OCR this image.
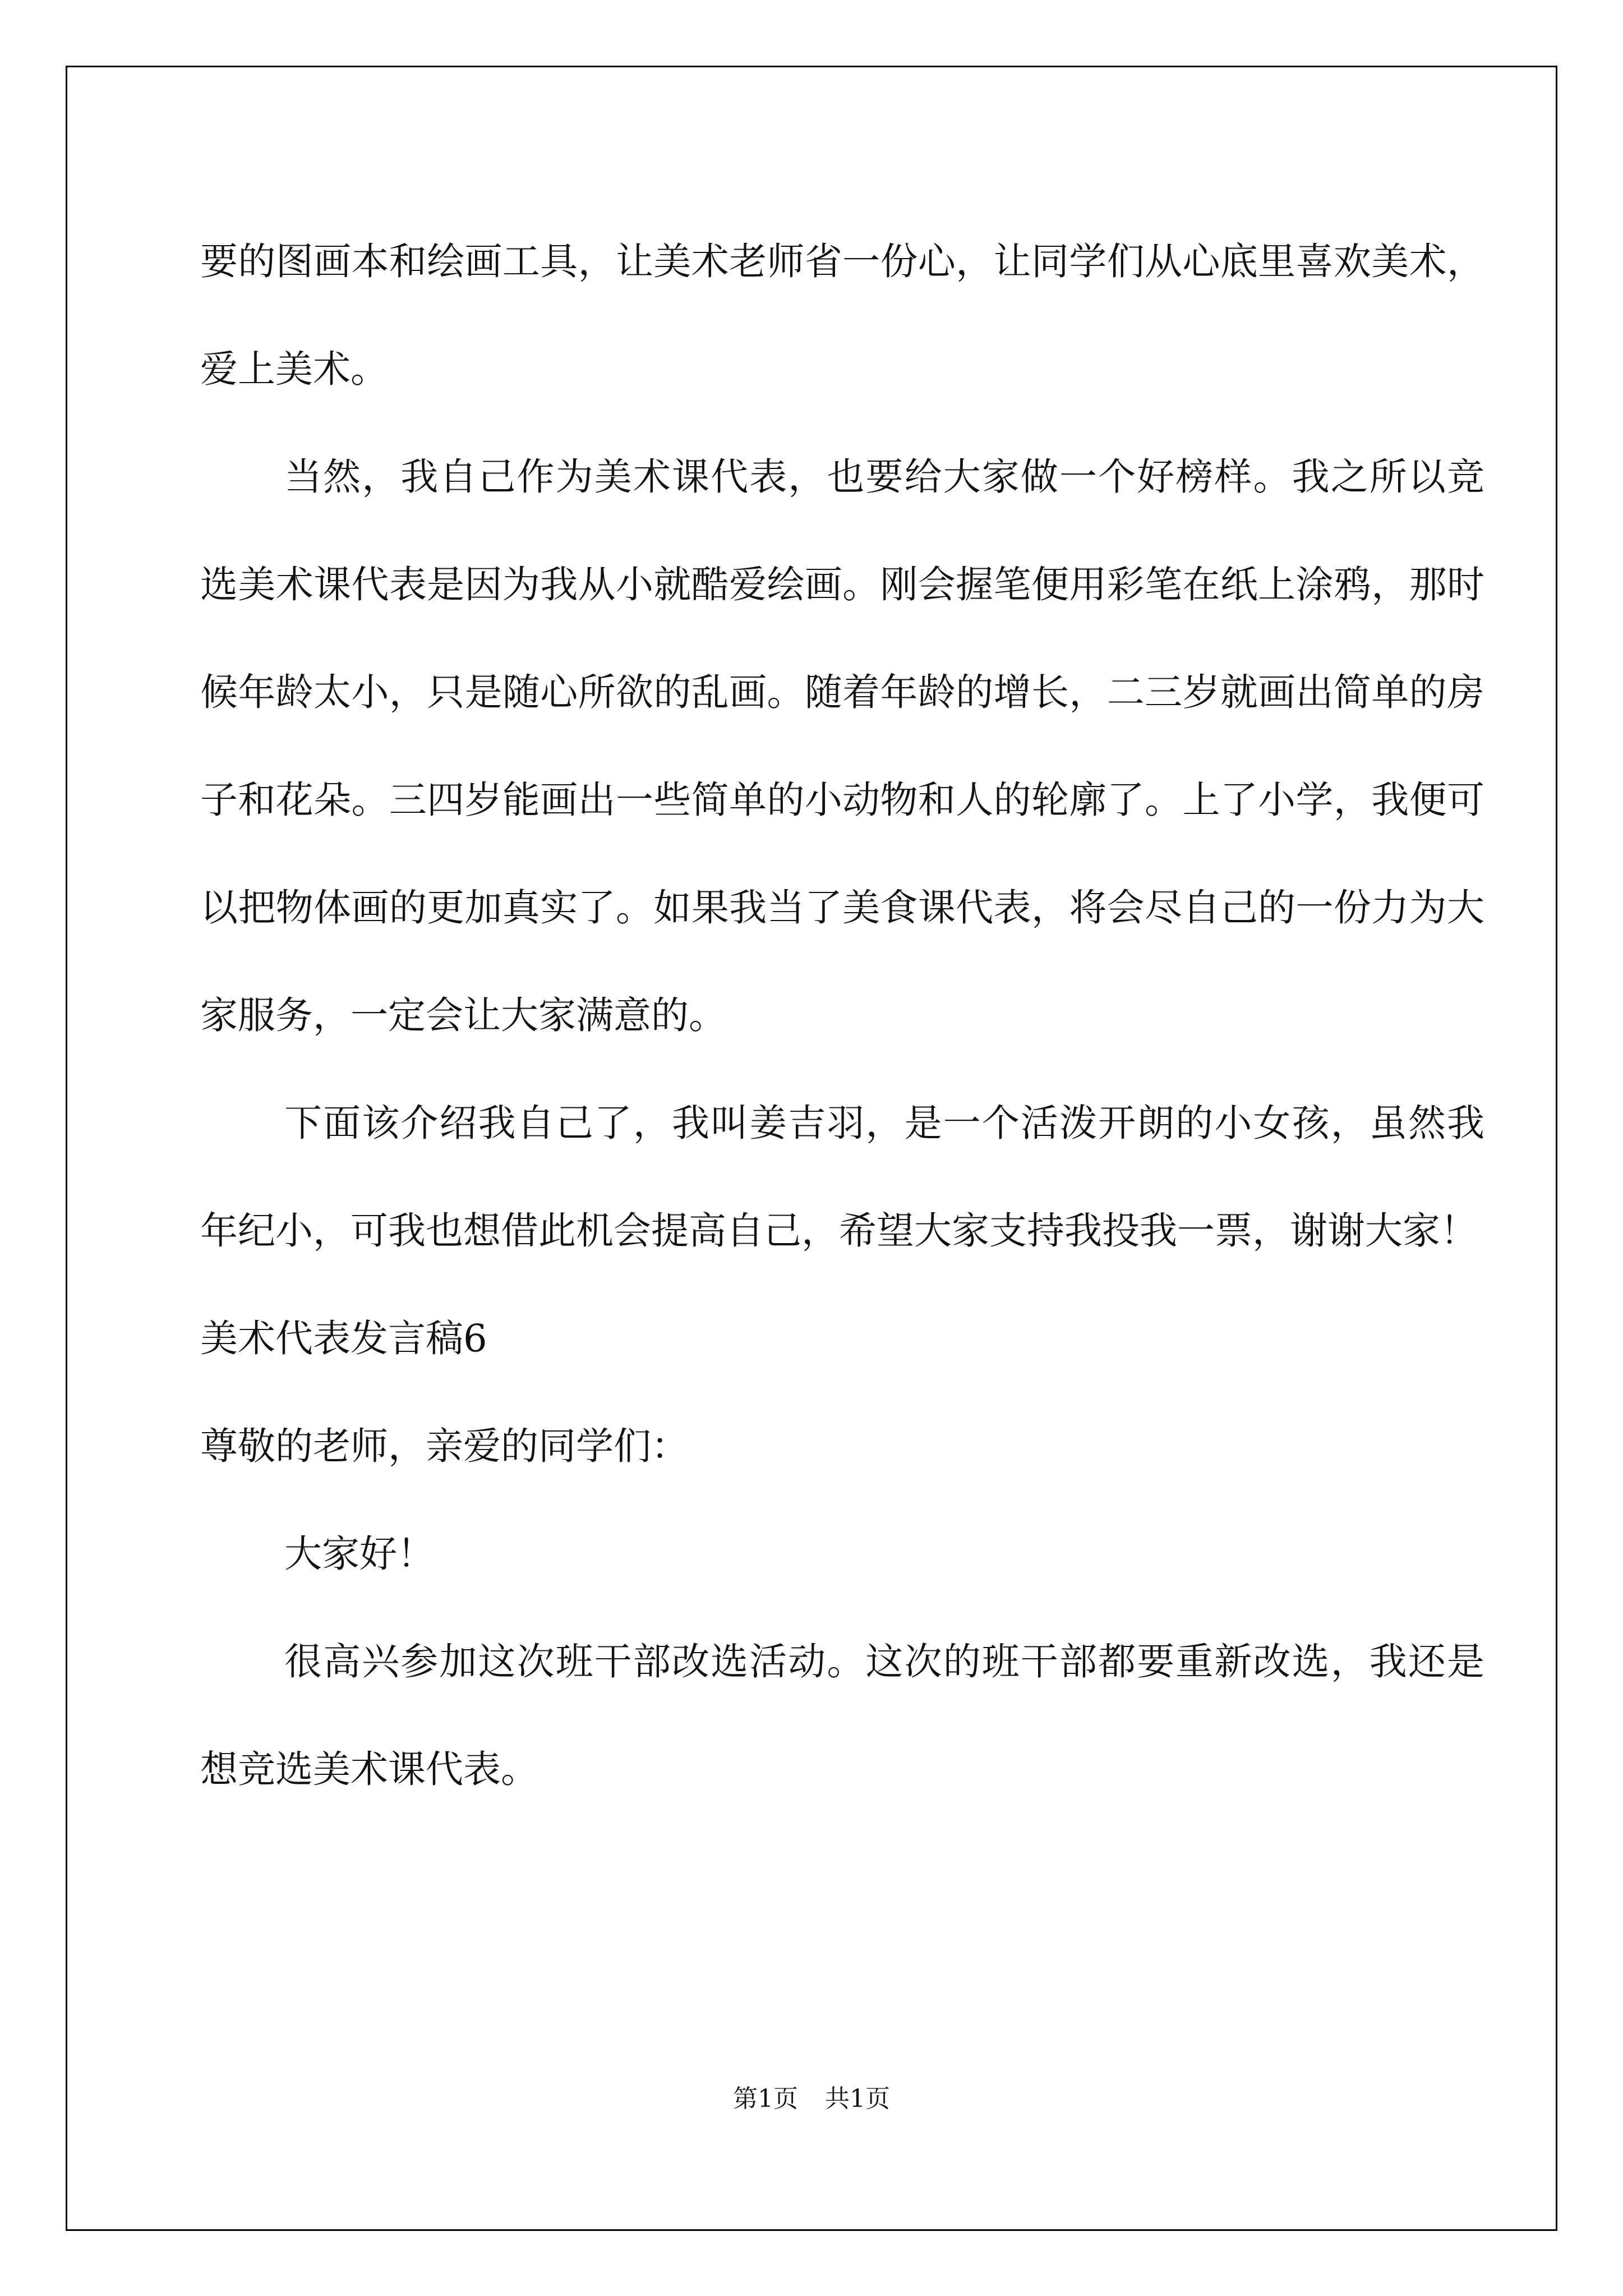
要的图画本和绘画工具，让美术老师省一份心，让同学们从心底里喜欢美术，爱上美术。

当然，我自己作为美术课代表，也要给大家做一个好榜样。我之所以竞选美术课代表是因为我从小就酷爱绘画。刚会握笔便用彩笔在纸上涂鸦，那时候年龄太小，只是随心所欲的乱画。随着年龄的增长，二三岁就画出简单的房子和花朵。三四岁能画出一些简单的小动物和人的轮廓了。上了小学，我便可以把物体画的更加真实了。如果我当了美食课代表，将会尽自己的一份力为大家服务，一定会让大家满意的。

下面该介绍我自己了，我叫姜吉羽，是一个活泼开朗的小女孩，虽然我年纪小，可我也想借此机会提高自己，希望大家支持我投我一票，谢谢大家！

美术代表发言稿6

尊敬的老师，亲爱的同学们：

大家好！

很高兴参加这次班干部改选活动。这次的班干部都要重新改选，我还是想竞选美术课代表。

第1页 共1页
